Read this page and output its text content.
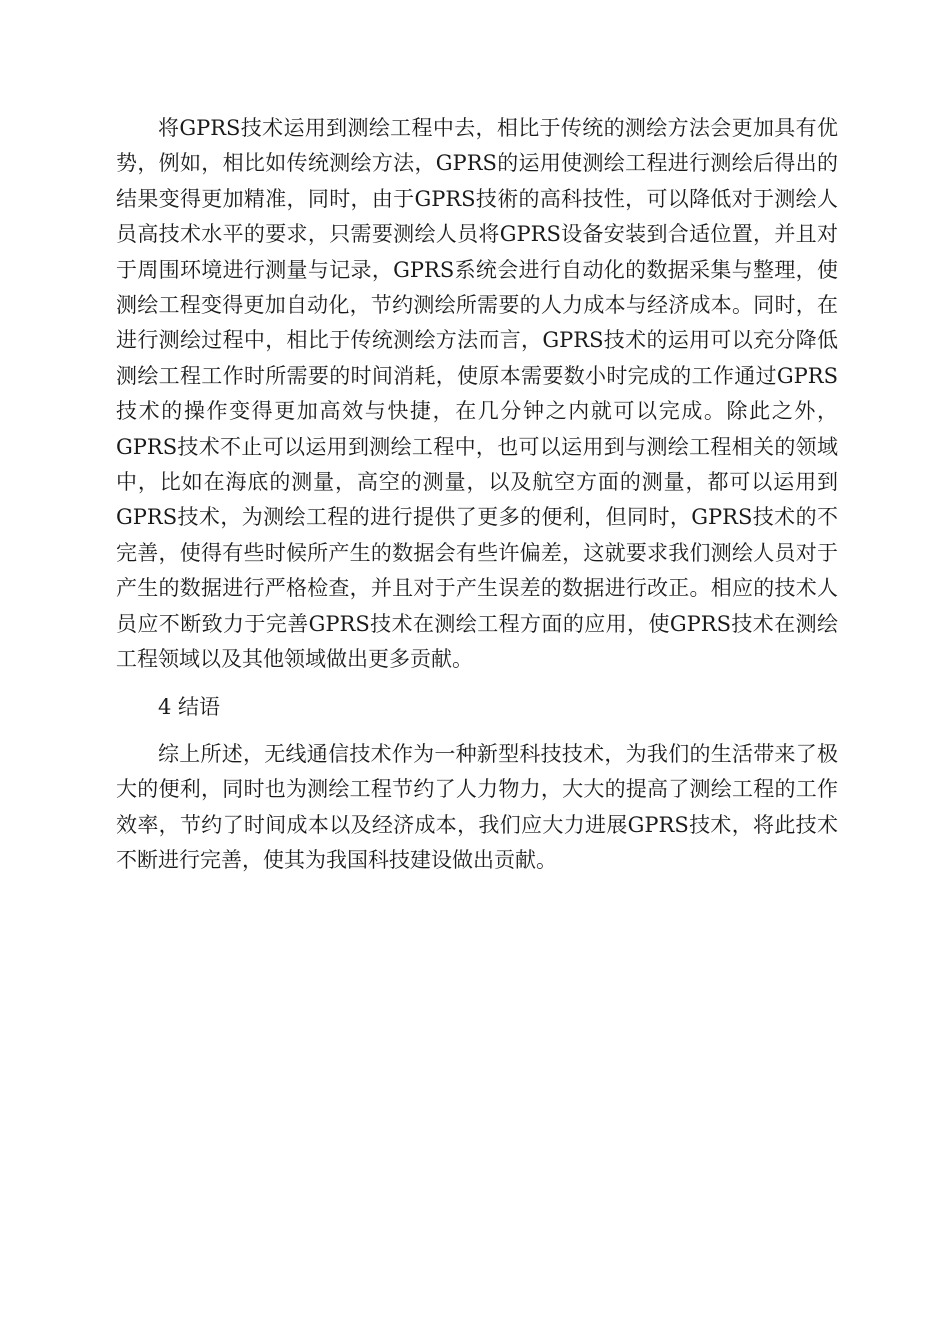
将GPRS技术运用到测绘工程中去，相比于传统的测绘方法会更加具有优势，例如，相比如传统测绘方法，GPRS的运用使测绘工程进行测绘后得出的结果变得更加精准，同时，由于GPRS技術的高科技性，可以降低对于测绘人员高技术水平的要求，只需要测绘人员将GPRS设备安装到合适位置，并且对于周围环境进行测量与记录，GPRS系统会进行自动化的数据采集与整理，使测绘工程变得更加自动化，节约测绘所需要的人力成本与经济成本。同时，在进行测绘过程中，相比于传统测绘方法而言，GPRS技术的运用可以充分降低测绘工程工作时所需要的时间消耗，使原本需要数小时完成的工作通过GPRS技术的操作变得更加高效与快捷，在几分钟之内就可以完成。除此之外，GPRS技术不止可以运用到测绘工程中，也可以运用到与测绘工程相关的领域中，比如在海底的测量，高空的测量，以及航空方面的测量，都可以运用到GPRS技术，为测绘工程的进行提供了更多的便利，但同时，GPRS技术的不完善，使得有些时候所产生的数据会有些许偏差，这就要求我们测绘人员对于产生的数据进行严格检查，并且对于产生误差的数据进行改正。相应的技术人员应不断致力于完善GPRS技术在测绘工程方面的应用，使GPRS技术在测绘工程领域以及其他领域做出更多贡献。

4 结语

综上所述，无线通信技术作为一种新型科技技术，为我们的生活带来了极大的便利，同时也为测绘工程节约了人力物力，大大的提高了测绘工程的工作效率，节约了时间成本以及经济成本，我们应大力进展GPRS技术，将此技术不断进行完善，使其为我国科技建设做出贡献。
